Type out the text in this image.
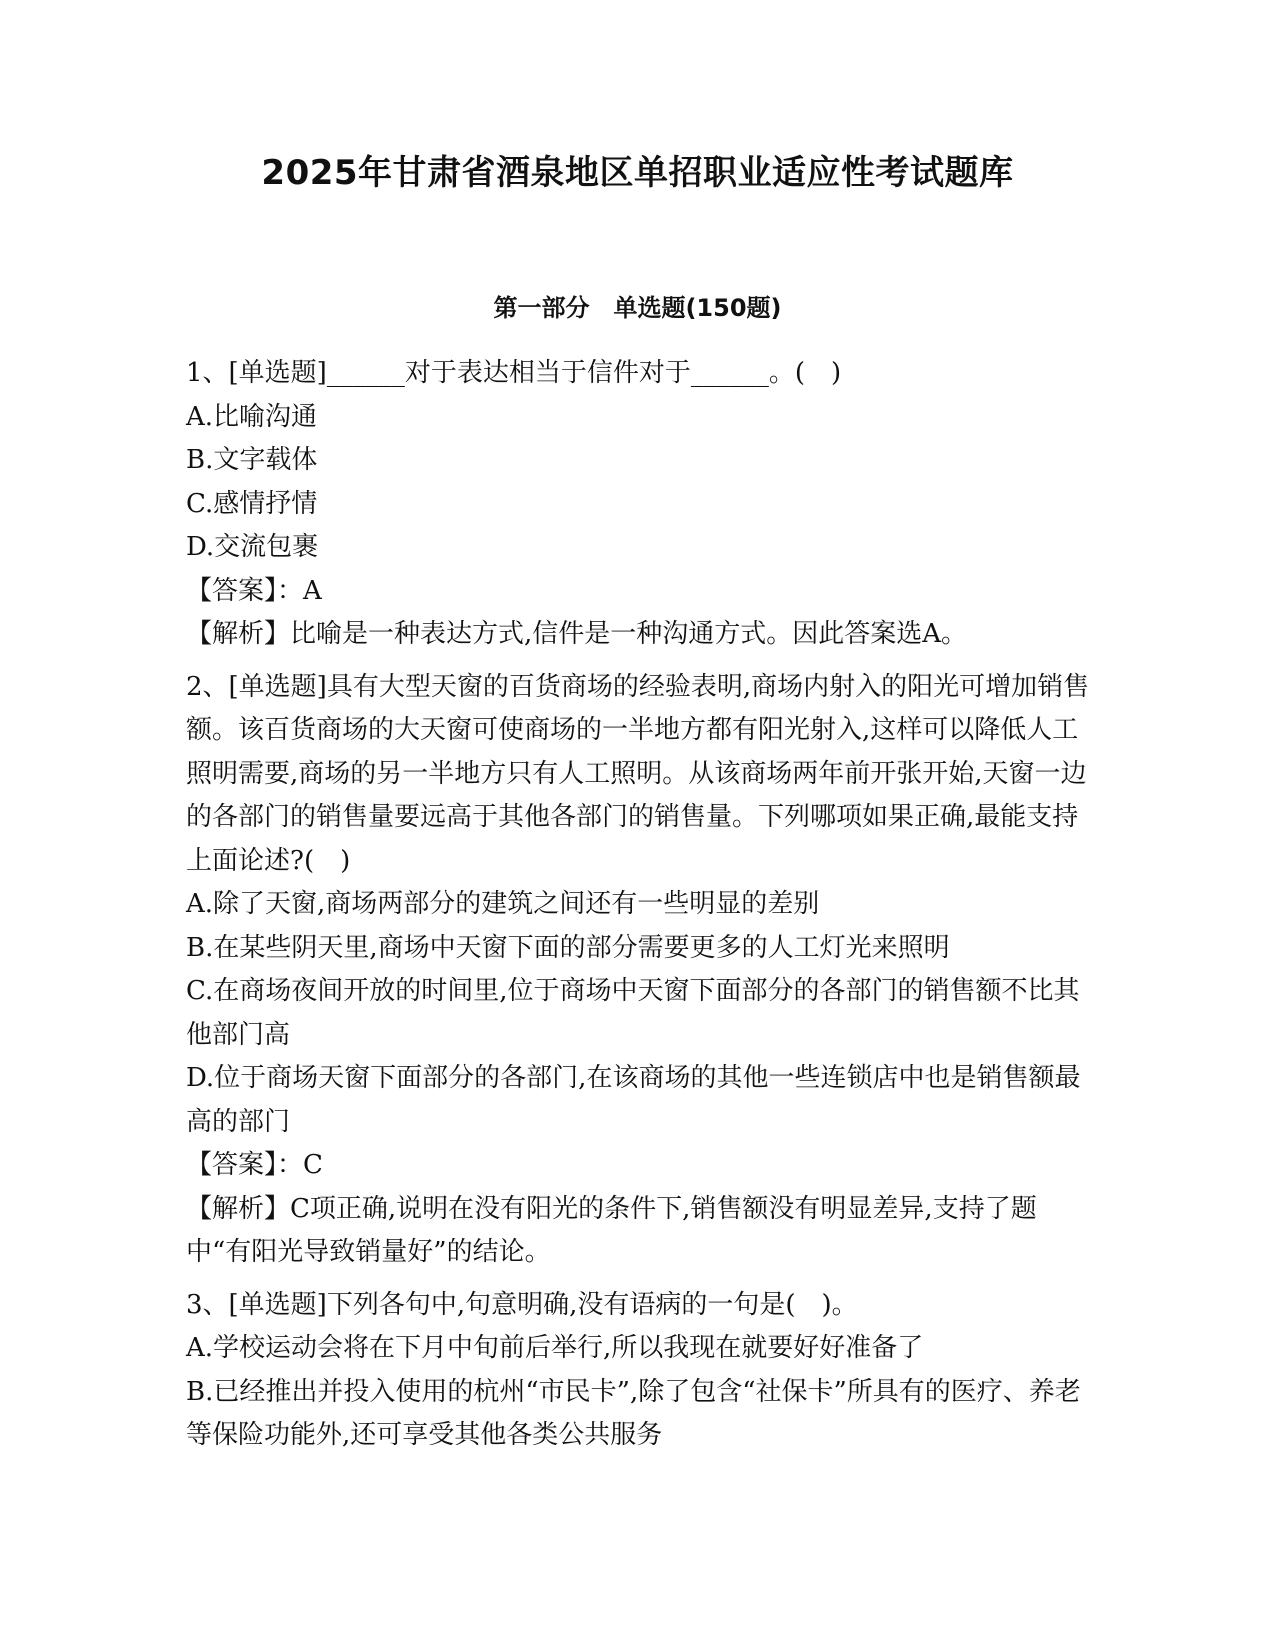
2025年甘肃省酒泉地区单招职业适应性考试题库
第一部分　单选题(150题)

1、[单选题]______对于表达相当于信件对于______。(　)

A.比喻沟通

B.文字载体

C.感情抒情

D.交流包裹

【答案】：A

【解析】比喻是一种表达方式,信件是一种沟通方式。因此答案选A。

2、[单选题]具有大型天窗的百货商场的经验表明,商场内射入的阳光可增加销售额。该百货商场的大天窗可使商场的一半地方都有阳光射入,这样可以降低人工照明需要,商场的另一半地方只有人工照明。从该商场两年前开张开始,天窗一边的各部门的销售量要远高于其他各部门的销售量。下列哪项如果正确,最能支持上面论述?(　)

A.除了天窗,商场两部分的建筑之间还有一些明显的差别

B.在某些阴天里,商场中天窗下面的部分需要更多的人工灯光来照明

C.在商场夜间开放的时间里,位于商场中天窗下面部分的各部门的销售额不比其他部门高

D.位于商场天窗下面部分的各部门,在该商场的其他一些连锁店中也是销售额最高的部门

【答案】：C

【解析】C项正确,说明在没有阳光的条件下,销售额没有明显差异,支持了题中“有阳光导致销量好”的结论。

3、[单选题]下列各句中,句意明确,没有语病的一句是(　)。

A.学校运动会将在下月中旬前后举行,所以我现在就要好好准备了

B.已经推出并投入使用的杭州“市民卡”,除了包含“社保卡”所具有的医疗、养老等保险功能外,还可享受其他各类公共服务
